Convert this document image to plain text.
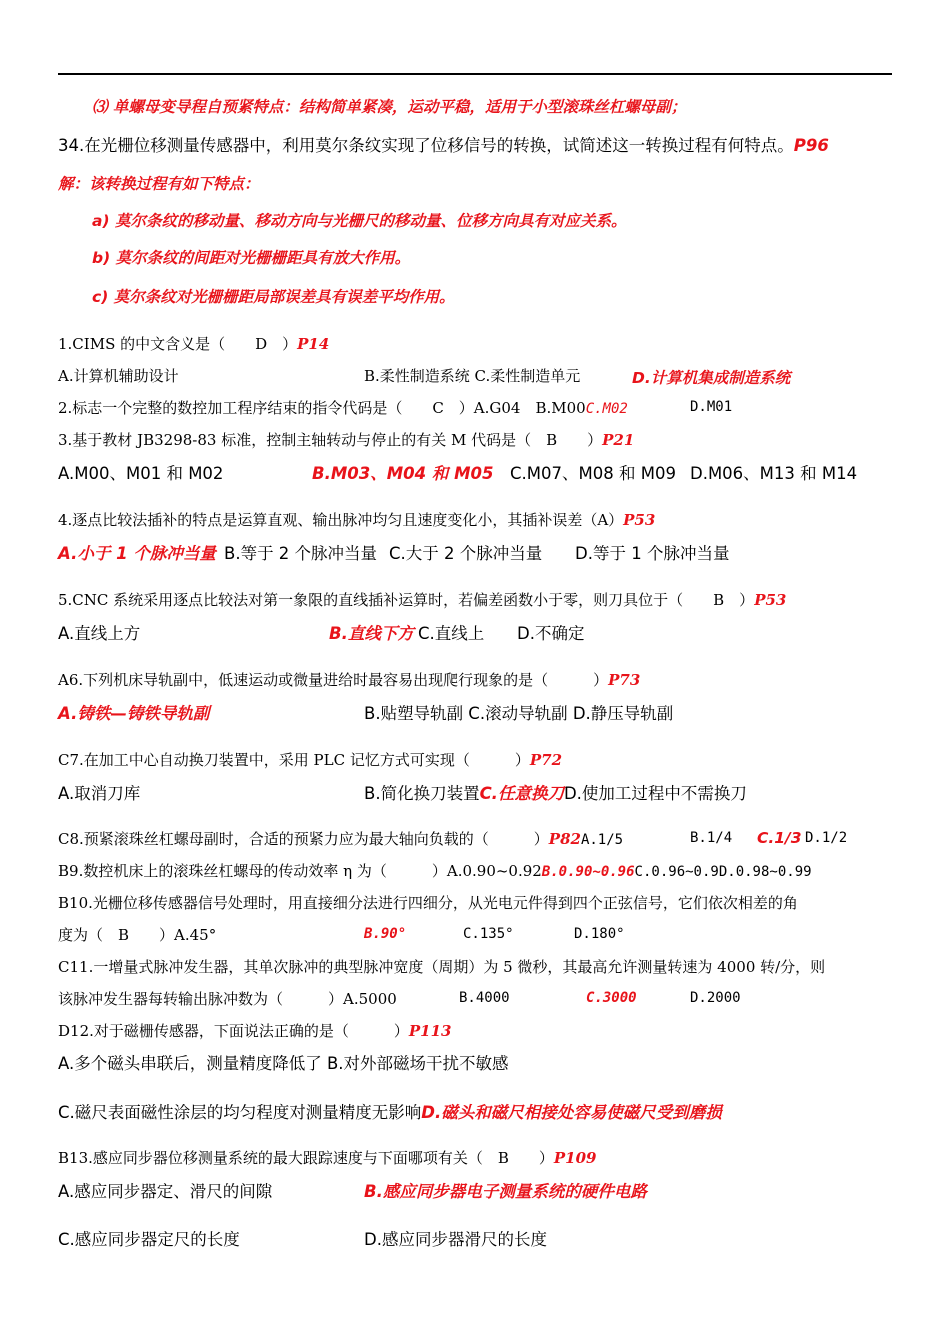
⑶ 单螺母变导程自预紧特点：结构简单紧凑，运动平稳，适用于小型滚珠丝杠螺母副；
34.在光栅位移测量传感器中，利用莫尔条纹实现了位移信号的转换，试简述这一转换过程有何特点。P96
解：该转换过程有如下特点：
a) 莫尔条纹的移动量、移动方向与光栅尺的移动量、位移方向具有对应关系。
b) 莫尔条纹的间距对光栅栅距具有放大作用。
c) 莫尔条纹对光栅栅距局部误差具有误差平均作用。
1.CIMS 的中文含义是（　　D　）P14
A.计算机辅助设计	B.柔性制造系统 C.柔性制造单元	D.计算机集成制造系统
2.标志一个完整的数控加工程序结束的指令代码是（　　C　）A.G04　B.M00C.M02	D.M01
3.基于教材 JB3298-83 标准，控制主轴转动与停止的有关 M 代码是（　B　　）P21
A.M00、M01 和 M02	B.M03、M04 和 M05 C.M07、M08 和 M09 D.M06、M13 和 M14
4.逐点比较法插补的特点是运算直观、输出脉冲均匀且速度变化小，其插补误差（A）P53
A.小于 1 个脉冲当量 B.等于 2 个脉冲当量 C.大于 2 个脉冲当量 D.等于 1 个脉冲当量
5.CNC 系统采用逐点比较法对第一象限的直线插补运算时，若偏差函数小于零，则刀具位于（　　B　）P53
A.直线上方	B.直线下方 C.直线上 D.不确定
A6.下列机床导轨副中，低速运动或微量进给时最容易出现爬行现象的是（　　　）P73
A.铸铁—铸铁导轨副	B.贴塑导轨副 C.滚动导轨副 D.静压导轨副
C7.在加工中心自动换刀装置中，采用 PLC 记忆方式可实现（　　　）P72
A.取消刀库	B.简化换刀装置C.任意换刀D.使加工过程中不需换刀
C8.预紧滚珠丝杠螺母副时，合适的预紧力应为最大轴向负载的（　　　）P82A.1/5	B.1/4 C.1/3 D.1/2
B9.数控机床上的滚珠丝杠螺母的传动效率 η 为（　　　）A.0.90~0.92B.0.90~0.96C.0.96~0.9D.0.98~0.99
B10.光栅位移传感器信号处理时，用直接细分法进行四细分，从光电元件得到四个正弦信号，它们依次相差的角
度为（　B　　）A.45°	B.90°	C.135°	D.180°
C11.一增量式脉冲发生器，其单次脉冲的典型脉冲宽度（周期）为 5 微秒，其最高允许测量转速为 4000 转/分，则
该脉冲发生器每转输出脉冲数为（　　　）A.5000	B.4000	C.3000	D.2000
D12.对于磁栅传感器，下面说法正确的是（　　　）P113
A.多个磁头串联后，测量精度降低了 B.对外部磁场干扰不敏感
C.磁尺表面磁性涂层的均匀程度对测量精度无影响D.磁头和磁尺相接处容易使磁尺受到磨损
B13.感应同步器位移测量系统的最大跟踪速度与下面哪项有关（　B　　）P109
A.感应同步器定、滑尺的间隙	B.感应同步器电子测量系统的硬件电路
C.感应同步器定尺的长度	D.感应同步器滑尺的长度
